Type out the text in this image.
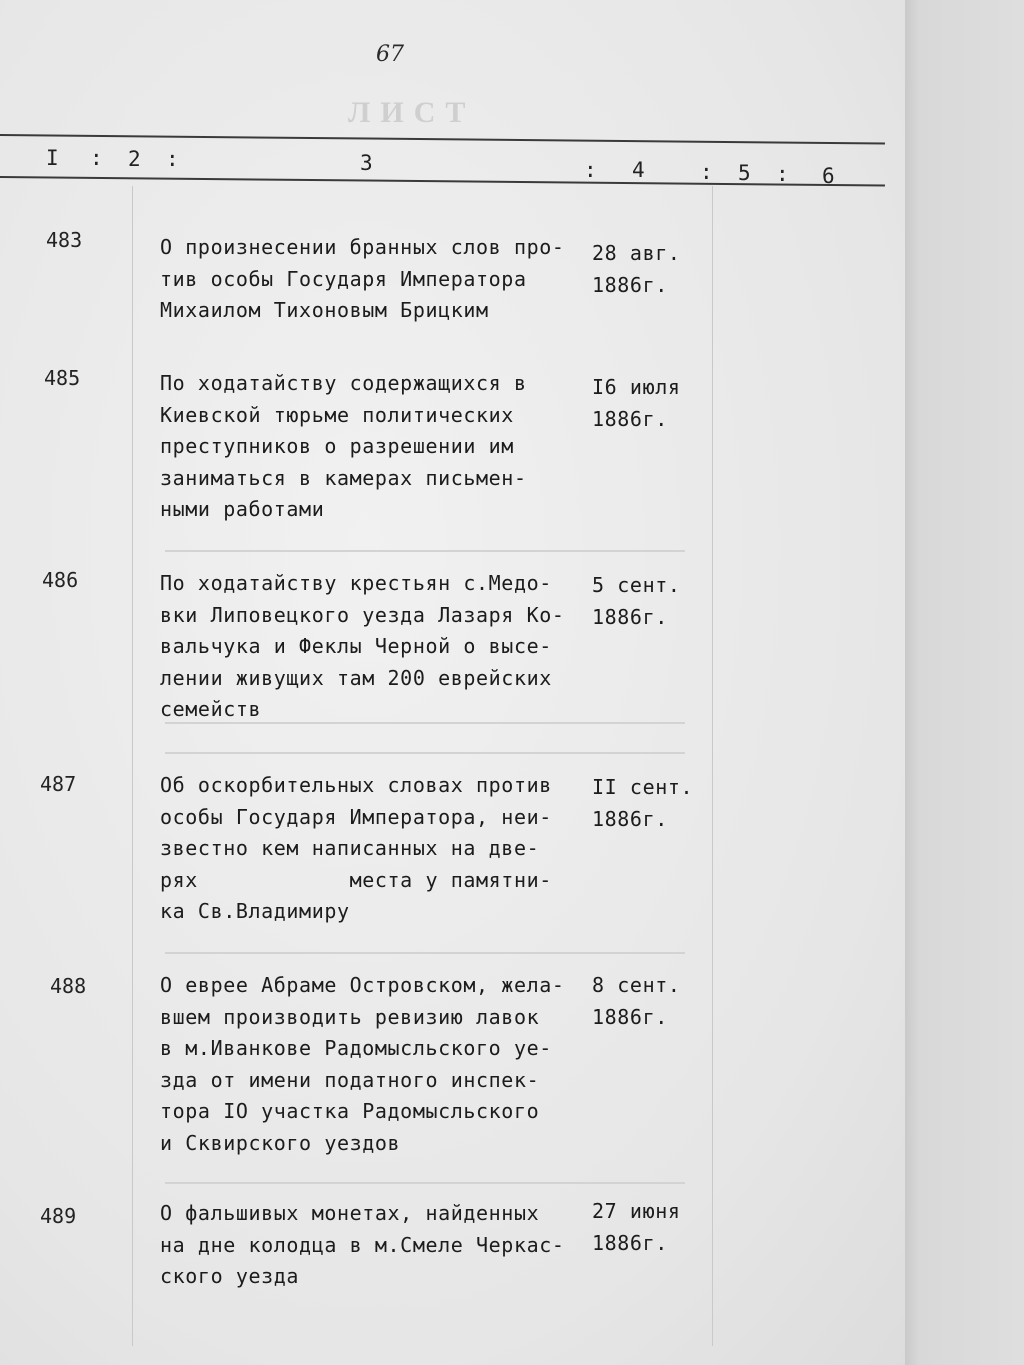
67
ЛИСТ
I : 2 :	3	: 4	: 5 : 6
483	О произнесении бранных слов про-
тив особы Государя Императора
Михаилом Тихоновым Брицким
28 авг.
1886г.
485	По ходатайству содержащихся в
Киевской тюрьме политических
преступников о разрешении им
заниматься в камерах письмен-
ными работами
I6 июля
1886г.
486	По ходатайству крестьян с.Медо-
вки Липовецкого уезда Лазаря Ко-
вальчука и Феклы Черной о высе-
лении живущих там 200 еврейских
семейств
5 сент.
1886г.
487	Об оскорбительных словах против
особы Государя Императора, неи-
звестно кем написанных на две-
рях            места у памятни-
ка Св.Владимиру
II сент.
1886г.
488	О еврее Абраме Островском, жела-
вшем производить ревизию лавок
в м.Иванкове Радомысльского уе-
зда от имени податного инспек-
тора IO участка Радомысльского
и Сквирского уездов
8 сент.
1886г.
489	О фальшивых монетах, найденных
на дне колодца в м.Смеле Черкас-
ского уезда
27 июня
1886г.
